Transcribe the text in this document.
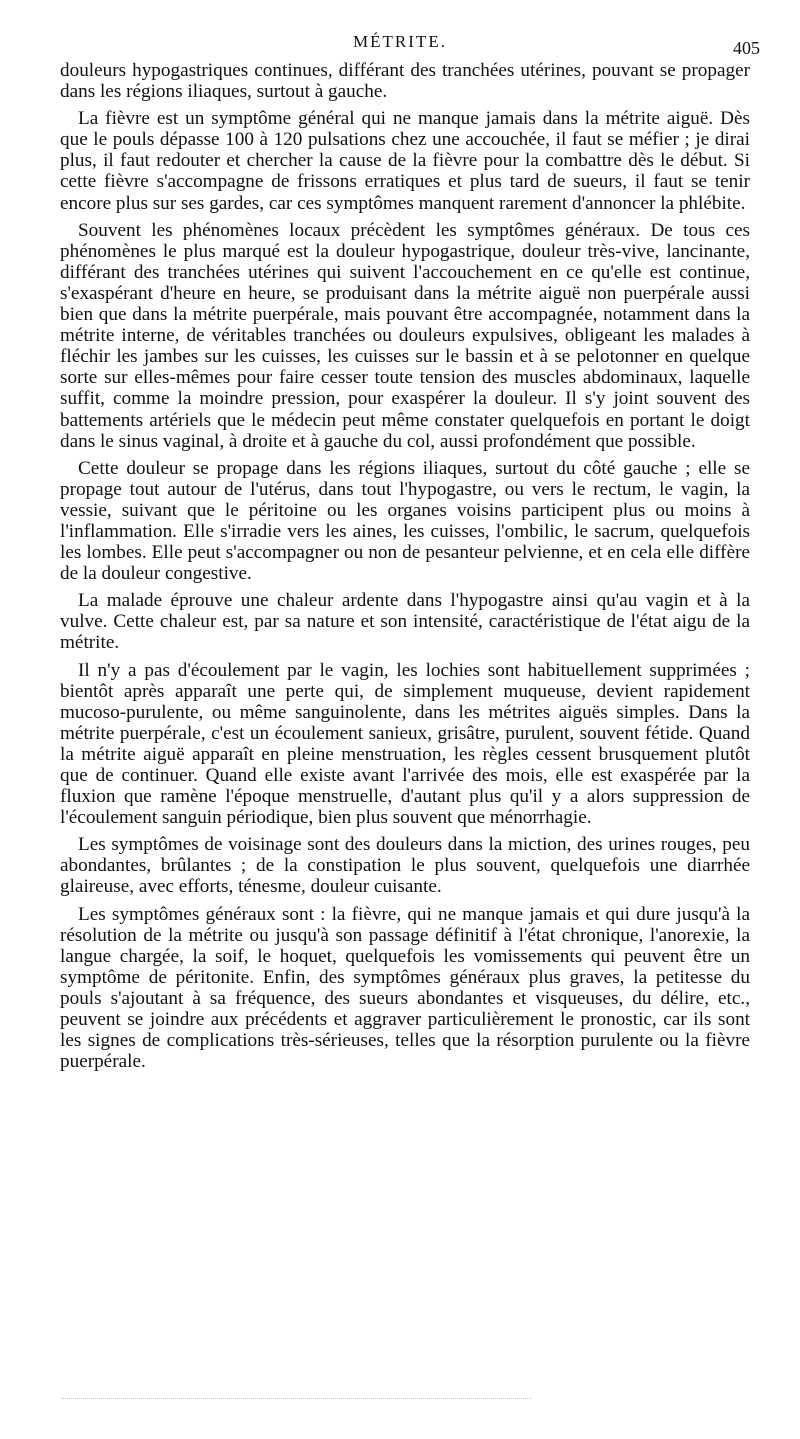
MÉTRITE.	405

douleurs hypogastriques continues, différant des tranchées utérines, pouvant se propager dans les régions iliaques, surtout à gauche.

La fièvre est un symptôme général qui ne manque jamais dans la métrite aiguë. Dès que le pouls dépasse 100 à 120 pulsations chez une accouchée, il faut se méfier ; je dirai plus, il faut redouter et chercher la cause de la fièvre pour la combattre dès le début. Si cette fièvre s'accompagne de frissons erratiques et plus tard de sueurs, il faut se tenir encore plus sur ses gardes, car ces symptômes manquent rarement d'annoncer la phlébite.

Souvent les phénomènes locaux précèdent les symptômes généraux. De tous ces phénomènes le plus marqué est la douleur hypogastrique, douleur très-vive, lancinante, différant des tranchées utérines qui suivent l'accouchement en ce qu'elle est continue, s'exaspérant d'heure en heure, se produisant dans la métrite aiguë non puerpérale aussi bien que dans la métrite puerpérale, mais pouvant être accompagnée, notamment dans la métrite interne, de véritables tranchées ou douleurs expulsives, obligeant les malades à fléchir les jambes sur les cuisses, les cuisses sur le bassin et à se pelotonner en quelque sorte sur elles-mêmes pour faire cesser toute tension des muscles abdominaux, laquelle suffit, comme la moindre pression, pour exaspérer la douleur. Il s'y joint souvent des battements artériels que le médecin peut même constater quelquefois en portant le doigt dans le sinus vaginal, à droite et à gauche du col, aussi profondément que possible.

Cette douleur se propage dans les régions iliaques, surtout du côté gauche ; elle se propage tout autour de l'utérus, dans tout l'hypogastre, ou vers le rectum, le vagin, la vessie, suivant que le péritoine ou les organes voisins participent plus ou moins à l'inflammation. Elle s'irradie vers les aines, les cuisses, l'ombilic, le sacrum, quelquefois les lombes. Elle peut s'accompagner ou non de pesanteur pelvienne, et en cela elle diffère de la douleur congestive.

La malade éprouve une chaleur ardente dans l'hypogastre ainsi qu'au vagin et à la vulve. Cette chaleur est, par sa nature et son intensité, caractéristique de l'état aigu de la métrite.

Il n'y a pas d'écoulement par le vagin, les lochies sont habituellement supprimées ; bientôt après apparaît une perte qui, de simplement muqueuse, devient rapidement mucoso-purulente, ou même sanguinolente, dans les métrites aiguës simples. Dans la métrite puerpérale, c'est un écoulement sanieux, grisâtre, purulent, souvent fétide. Quand la métrite aiguë apparaît en pleine menstruation, les règles cessent brusquement plutôt que de continuer. Quand elle existe avant l'arrivée des mois, elle est exaspérée par la fluxion que ramène l'époque menstruelle, d'autant plus qu'il y a alors suppression de l'écoulement sanguin périodique, bien plus souvent que ménorrhagie.

Les symptômes de voisinage sont des douleurs dans la miction, des urines rouges, peu abondantes, brûlantes ; de la constipation le plus souvent, quelquefois une diarrhée glaireuse, avec efforts, ténesme, douleur cuisante.

Les symptômes généraux sont : la fièvre, qui ne manque jamais et qui dure jusqu'à la résolution de la métrite ou jusqu'à son passage définitif à l'état chronique, l'anorexie, la langue chargée, la soif, le hoquet, quelquefois les vomissements qui peuvent être un symptôme de péritonite. Enfin, des symptômes généraux plus graves, la petitesse du pouls s'ajoutant à sa fréquence, des sueurs abondantes et visqueuses, du délire, etc., peuvent se joindre aux précédents et aggraver particulièrement le pronostic, car ils sont les signes de complications très-sérieuses, telles que la résorption purulente ou la fièvre puerpérale.
